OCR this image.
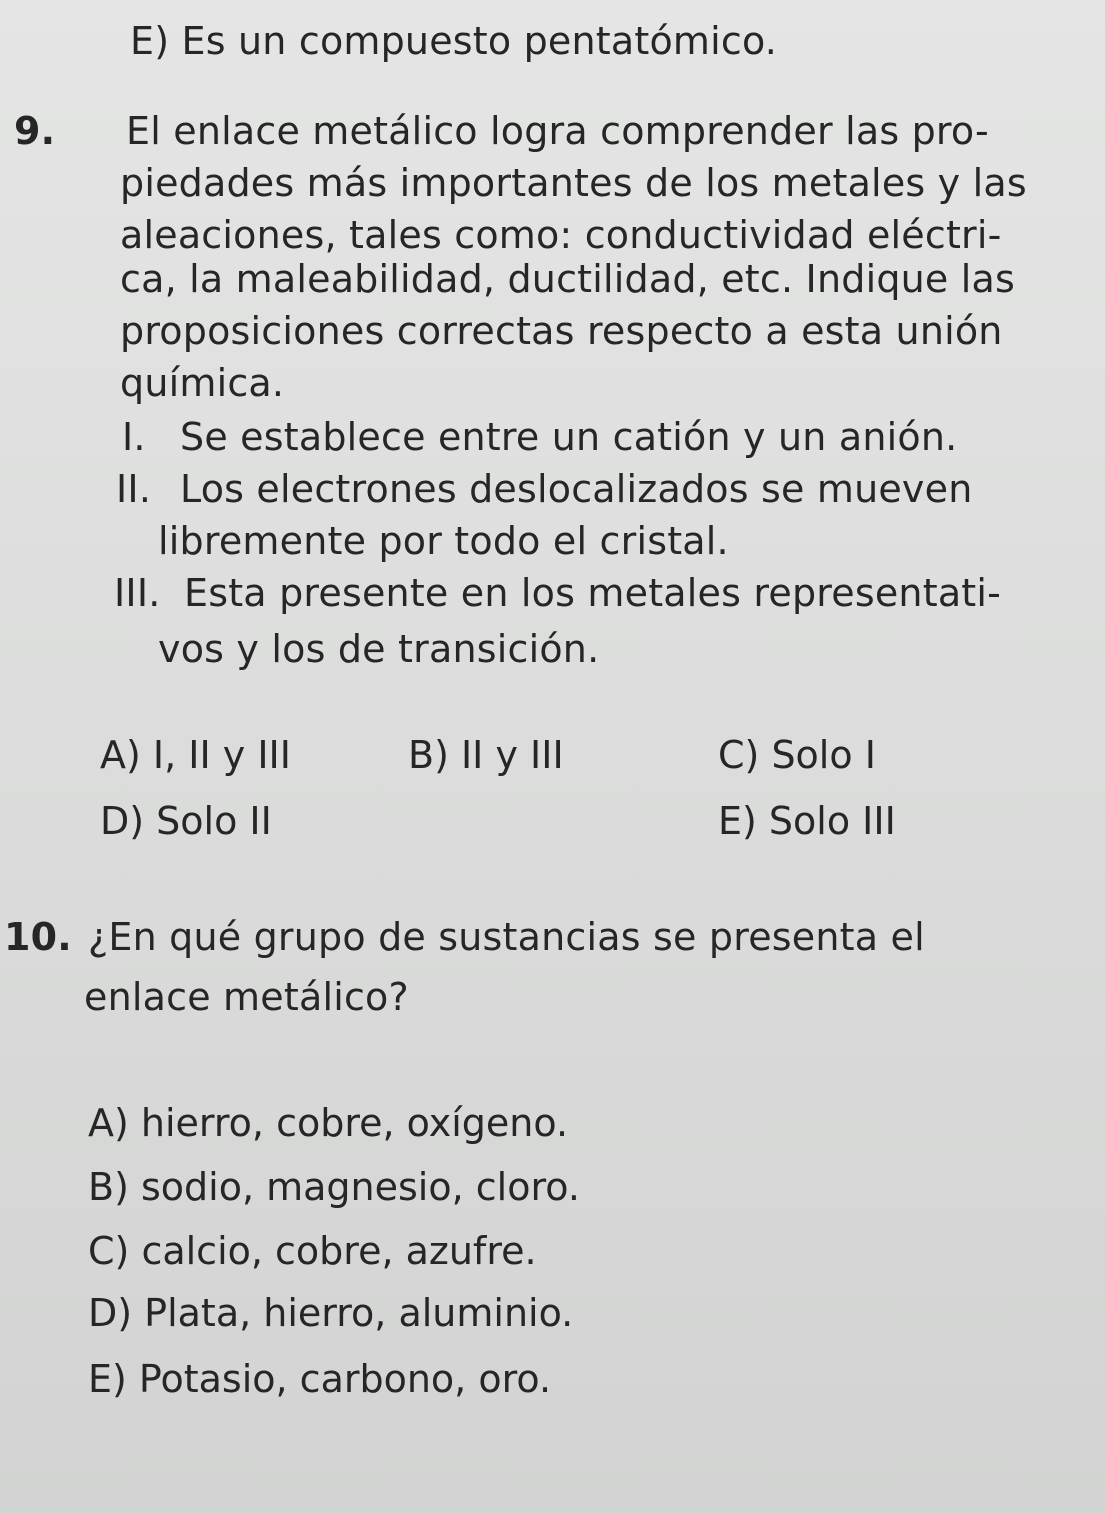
E) Es un compuesto pentatómico.
9. El enlace metálico logra comprender las pro-
piedades más importantes de los metales y las
aleaciones, tales como: conductividad eléctri-
ca, la maleabilidad, ductilidad, etc. Indique las
proposiciones correctas respecto a esta unión
química.
I. Se establece entre un catión y un anión.
II. Los electrones deslocalizados se mueven
libremente por todo el cristal.
III. Esta presente en los metales representati-
vos y los de transición.
A) I, II y III	B) II y III	C) Solo I
D) Solo II	E) Solo III
10. ¿En qué grupo de sustancias se presenta el
enlace metálico?
A) hierro, cobre, oxígeno.
B) sodio, magnesio, cloro.
C) calcio, cobre, azufre.
D) Plata, hierro, aluminio.
E) Potasio, carbono, oro.
